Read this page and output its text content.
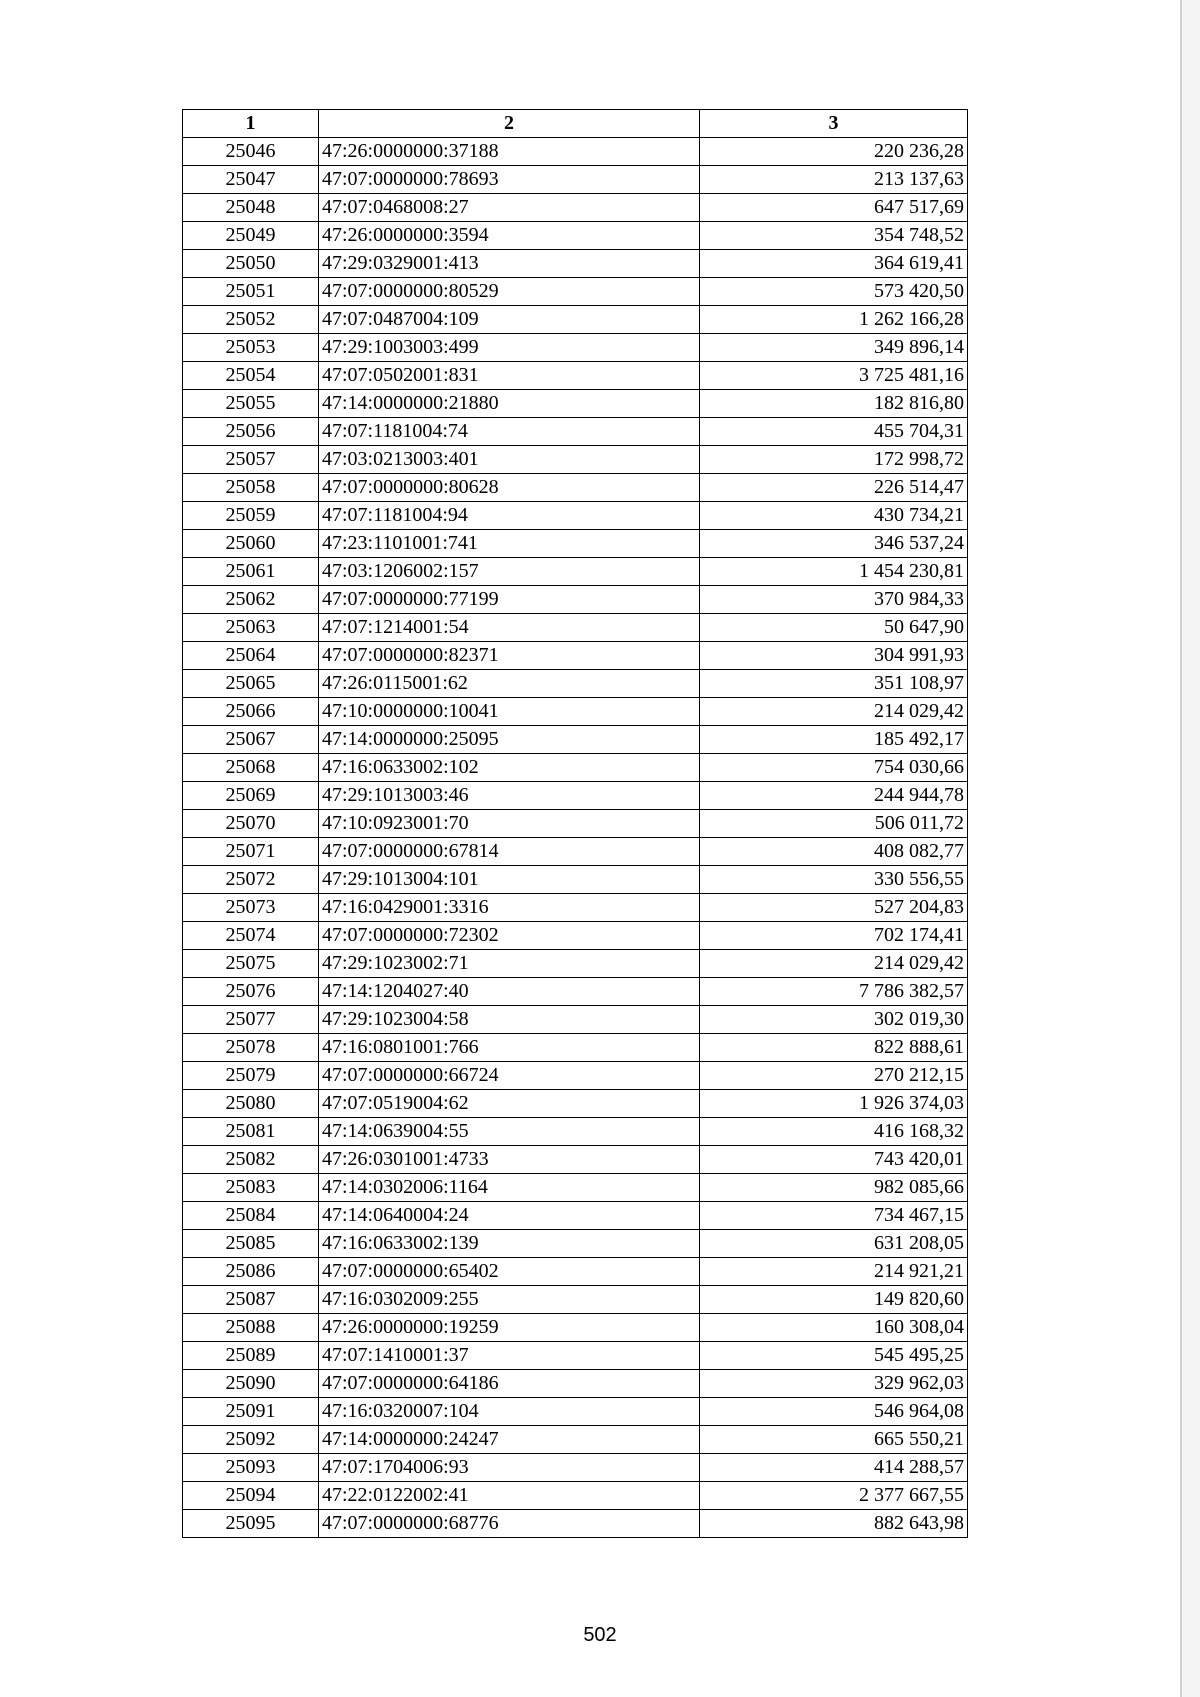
1	2	3
25046	47:26:0000000:37188	220 236,28
25047	47:07:0000000:78693	213 137,63
25048	47:07:0468008:27	647 517,69
25049	47:26:0000000:3594	354 748,52
25050	47:29:0329001:413	364 619,41
25051	47:07:0000000:80529	573 420,50
25052	47:07:0487004:109	1 262 166,28
25053	47:29:1003003:499	349 896,14
25054	47:07:0502001:831	3 725 481,16
25055	47:14:0000000:21880	182 816,80
25056	47:07:1181004:74	455 704,31
25057	47:03:0213003:401	172 998,72
25058	47:07:0000000:80628	226 514,47
25059	47:07:1181004:94	430 734,21
25060	47:23:1101001:741	346 537,24
25061	47:03:1206002:157	1 454 230,81
25062	47:07:0000000:77199	370 984,33
25063	47:07:1214001:54	50 647,90
25064	47:07:0000000:82371	304 991,93
25065	47:26:0115001:62	351 108,97
25066	47:10:0000000:10041	214 029,42
25067	47:14:0000000:25095	185 492,17
25068	47:16:0633002:102	754 030,66
25069	47:29:1013003:46	244 944,78
25070	47:10:0923001:70	506 011,72
25071	47:07:0000000:67814	408 082,77
25072	47:29:1013004:101	330 556,55
25073	47:16:0429001:3316	527 204,83
25074	47:07:0000000:72302	702 174,41
25075	47:29:1023002:71	214 029,42
25076	47:14:1204027:40	7 786 382,57
25077	47:29:1023004:58	302 019,30
25078	47:16:0801001:766	822 888,61
25079	47:07:0000000:66724	270 212,15
25080	47:07:0519004:62	1 926 374,03
25081	47:14:0639004:55	416 168,32
25082	47:26:0301001:4733	743 420,01
25083	47:14:0302006:1164	982 085,66
25084	47:14:0640004:24	734 467,15
25085	47:16:0633002:139	631 208,05
25086	47:07:0000000:65402	214 921,21
25087	47:16:0302009:255	149 820,60
25088	47:26:0000000:19259	160 308,04
25089	47:07:1410001:37	545 495,25
25090	47:07:0000000:64186	329 962,03
25091	47:16:0320007:104	546 964,08
25092	47:14:0000000:24247	665 550,21
25093	47:07:1704006:93	414 288,57
25094	47:22:0122002:41	2 377 667,55
25095	47:07:0000000:68776	882 643,98
502
